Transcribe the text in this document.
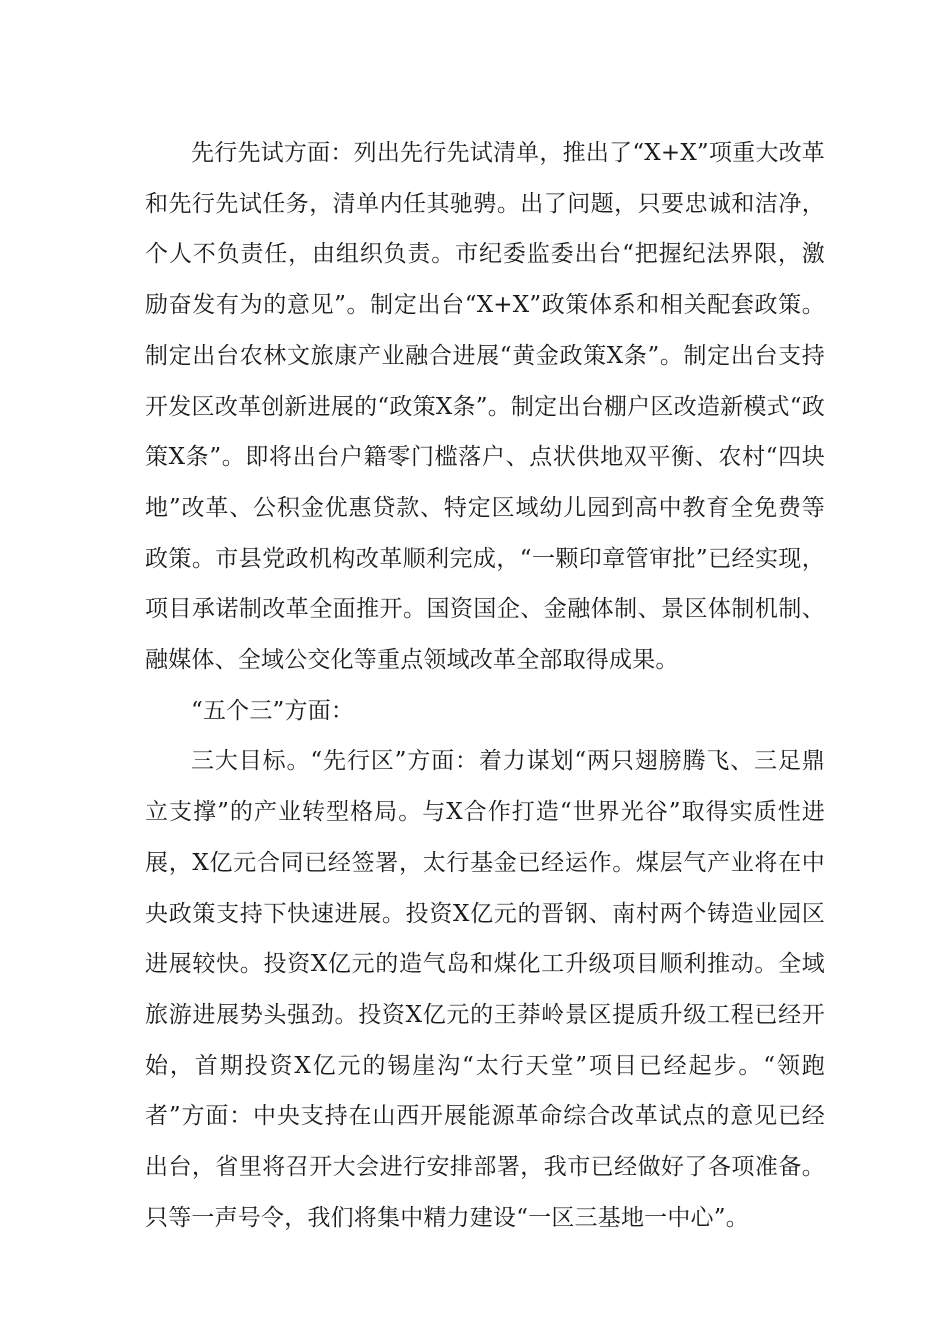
先行先试方面：列出先行先试清单，推出了“X+X”项重大改革和先行先试任务，清单内任其驰骋。出了问题，只要忠诚和洁净，个人不负责任，由组织负责。市纪委监委出台“把握纪法界限，激励奋发有为的意见”。制定出台“X+X”政策体系和相关配套政策。制定出台农林文旅康产业融合进展“黄金政策X条”。制定出台支持开发区改革创新进展的“政策X条”。制定出台棚户区改造新模式“政策X条”。即将出台户籍零门槛落户、点状供地双平衡、农村“四块地”改革、公积金优惠贷款、特定区域幼儿园到高中教育全免费等政策。市县党政机构改革顺利完成，“一颗印章管审批”已经实现，项目承诺制改革全面推开。国资国企、金融体制、景区体制机制、融媒体、全域公交化等重点领域改革全部取得成果。

“五个三”方面：

三大目标。“先行区”方面：着力谋划“两只翅膀腾飞、三足鼎立支撑”的产业转型格局。与X合作打造“世界光谷”取得实质性进展，X亿元合同已经签署，太行基金已经运作。煤层气产业将在中央政策支持下快速进展。投资X亿元的晋钢、南村两个铸造业园区进展较快。投资X亿元的造气岛和煤化工升级项目顺利推动。全域旅游进展势头强劲。投资X亿元的王莽岭景区提质升级工程已经开始，首期投资X亿元的锡崖沟“太行天堂”项目已经起步。“领跑者”方面：中央支持在山西开展能源革命综合改革试点的意见已经出台，省里将召开大会进行安排部署，我市已经做好了各项准备。只等一声号令，我们将集中精力建设“一区三基地一中心”。
